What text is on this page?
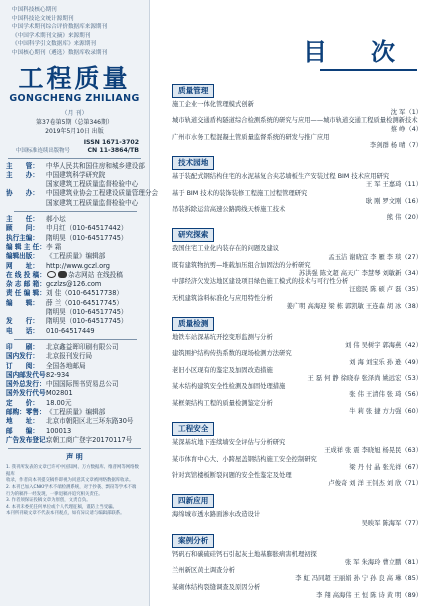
中国科技核心期刊
中国科技论文统计源期刊
中国学术期刊综合评价数据库来源期刊
《中国学术期刊文摘》来源期刊
《中国科学引文数据库》来源期刊
中国核心期刊（遴选）数据库收录期刊
工程质量
GONGCHENG ZHILIANG
（月 刊）
第37卷第5期（总第346期）
2019年5月10日 出版
中国标准连续出版物号
ISSN 1671-3702
CN 11-3864/TB
主　　管：	中华人民共和国住房和城乡建设部
主　　办：	中国建筑科学研究院
国家建筑工程质量监督检验中心
协　　办：	中国建筑业协会工程建设质量管理分会
国家建筑工程质量监督检验中心
主　　任：	郝小坛
顾　　问：	申月红（010-64517442）
执行主编：	隋明昊（010-64517745）
编 辑 主 任： 李 霜
编辑出版：	《工程质量》编辑部
网　　址：	http://www.gczl.org
在 线 投 稿：	杂志网站 在线投稿
杂 志 邮 箱： gczlzs@126.com
责 任 编 辑： 刘 佳（010-64517738）
编　　辑：	薛 兰（010-64517745）
隋明昊（010-64517745）
发　　行：	隋明昊（010-64517745）
电　　话：	010-64517449
印　　刷：	北京鑫益晖印刷有限公司
国内发行：	北京报刊发行局
订　　阅：	全国各地邮局
国内邮发代号：
82-934
国外总发行： 中国国际图书贸易总公司
国外发行代号：
M02801
定　　价：	18.00元
邮购：零售： 《工程质量》编辑部
地　　址：	北京市朝阳区北三环东路30号
邮　　编：	100013
广告发布登记：
京朝工商广登字20170117号
声 明
1. 我刊所发表的文章已许可中国知网、万方数据库、维普网等网络数据库
收录，作者向本刊提交稿件即视为同意其文章被网络数据库收录。
2. 本刊已加入CNKI学术不端检测系统，对于抄袭、剽窃等学术不端
行为的稿件一经发现，一律退稿并追究相关责任。
3. 作者须保证投稿文章为原创，文责自负。
4. 本刊未委托任何单位或个人代理征稿，谨防上当受骗。
本刊所刊载文章不代表本刊观点，如有异议请与编辑部联系。
目　次
质量管理
施工企业一体化管理模式创新
沈 军（1）
城市轨道交通盾构隧道综合检测系统的研究与应用——城市轨道交通工程质量检测新技术
蔡 峥（4）
广州市水务工程混凝土管质量监督系统的研发与推广应用
李剑群 杨 晴（7）
技术园地
基于装配式钢结构住宅的水泥基复合夹芯墙板生产安装过程 BIM 技术应用研究
王 军 王嘉琦（11）
基于 BIM 技术的装饰装修工程施工过程管理研究
耿 刚 罗文刚（16）
吊装拆除运营高速公路跨线天桥施工技术
熊 伟（20）
研究探索
我国住宅工业化内装存在的问题及建议
孟玉洁 谢晓宜 李 雁 李 琰（27）
既有建筑物抗剪—堆载加压组合加固法的分析研究
苏洪强 陈文超 高天广 李慧琴 刘敏新（34）
中部经济欠发达地区建设项目绿色施工模式的技术与可行性分析
汪庭民 陈 硕 卢 磊（35）
无机建筑涂料标准化与应用特性分析
姜广明 高海迎 梁 栋 郭凯敏 王连森 胡 冰（38）
质量检测
地铁车站深基坑开挖变形监测与分析
刘 伟 吴树宇 郭海燕（42）
建筑围护结构传热系数的现场检测方法研究
刘 海 刘宝乐 孙 逊（49）
老旧小区现有的鉴定及加固改造措施
王 磊 何 静 徐晓春 张泽尚 姚远宏（53）
某木结构建筑安全性检测及加固处理措施
张 伟 王清伟 张 琦（56）
某框架结构工程的质量检测鉴定分析
牛 莉 张 捷 方力强（60）
工程安全
某深基坑地下连续墙安全评估与分析研究
王成祥 张 震 李晓旭 杨晃民（63）
某市体育中心大、小跨屋盖钢结构施工安全控制研究
梁 丹 付 晶 张光祥（67）
针对宾馆楼板断裂问题的安全性鉴定及处理
卢俊奇 刘 洋 王钊杰 刘 欣（71）
四新应用
海绵城市透水路面渗水改造设计
吴映军 陈海军（77）
案例分析
钙矾石和碳硫硅钙石引起灰土地基膨胀病害机理初探
张 军 朱海玲 曹立鹏（81）
兰州新区黄土调查分析
李 虹 冯同超 王丽娟 孙 宁 孙 良 高 琳（85）
某砌体结构裂缝调查及原因分析
李 翔 高海伟 王 恒 陈 诗 黄 明（89）
